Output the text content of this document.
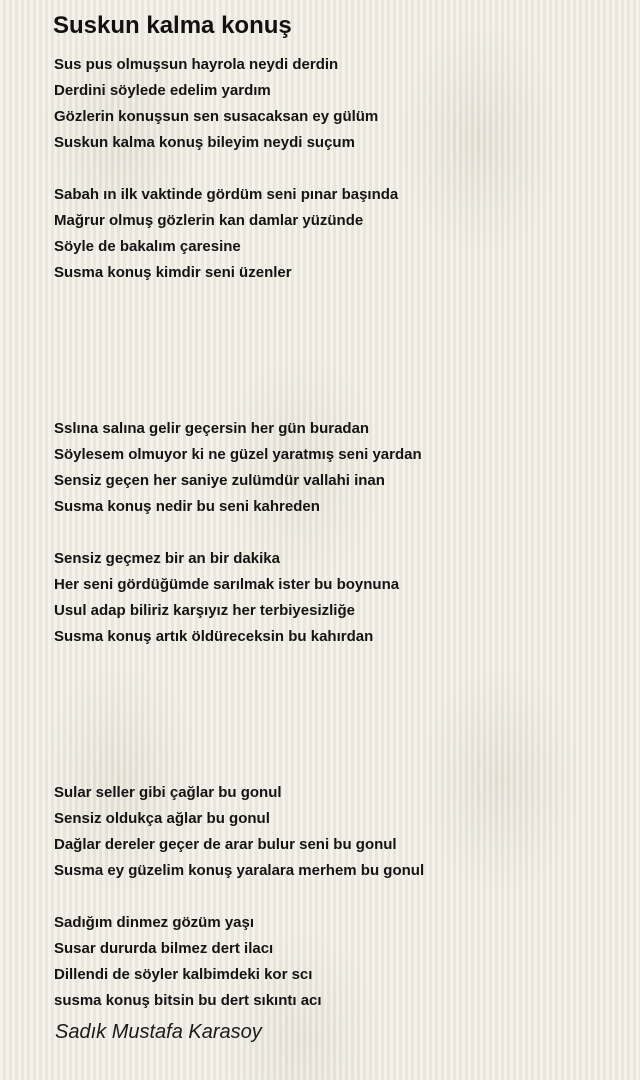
Suskun kalma konuş
Sus pus olmuşsun hayrola neydi derdin
Derdini söylede edelim yardım
Gözlerin konuşsun sen susacaksan ey gülüm
Suskun kalma konuş bileyim neydi suçum
Sabah ın ilk vaktinde gördüm seni pınar başında
Mağrur olmuş gözlerin kan damlar yüzünde
Söyle de bakalım çaresine
Susma konuş kimdir seni üzenler
Sslına salına gelir geçersin her gün buradan
Söylesem olmuyor ki ne güzel yaratmış seni yardan
Sensiz geçen her saniye zulümdür vallahi inan
Susma konuş nedir bu seni kahreden
Sensiz geçmez bir an bir dakika
Her seni gördüğümde sarılmak ister bu boynuna
Usul adap biliriz karşıyız her terbiyesizliğe
Susma konuş artık öldüreceksin bu kahırdan
Sular seller gibi çağlar bu gonul
Sensiz oldukça ağlar bu gonul
Dağlar dereler geçer de arar bulur seni bu gonul
Susma ey güzelim konuş yaralara merhem bu gonul
Sadığım dinmez gözüm yaşı
Susar dururda bilmez dert ilacı
Dillendi de söyler kalbimdeki kor scı
susma konuş bitsin bu dert sıkıntı acı
Sadık Mustafa Karasoy
